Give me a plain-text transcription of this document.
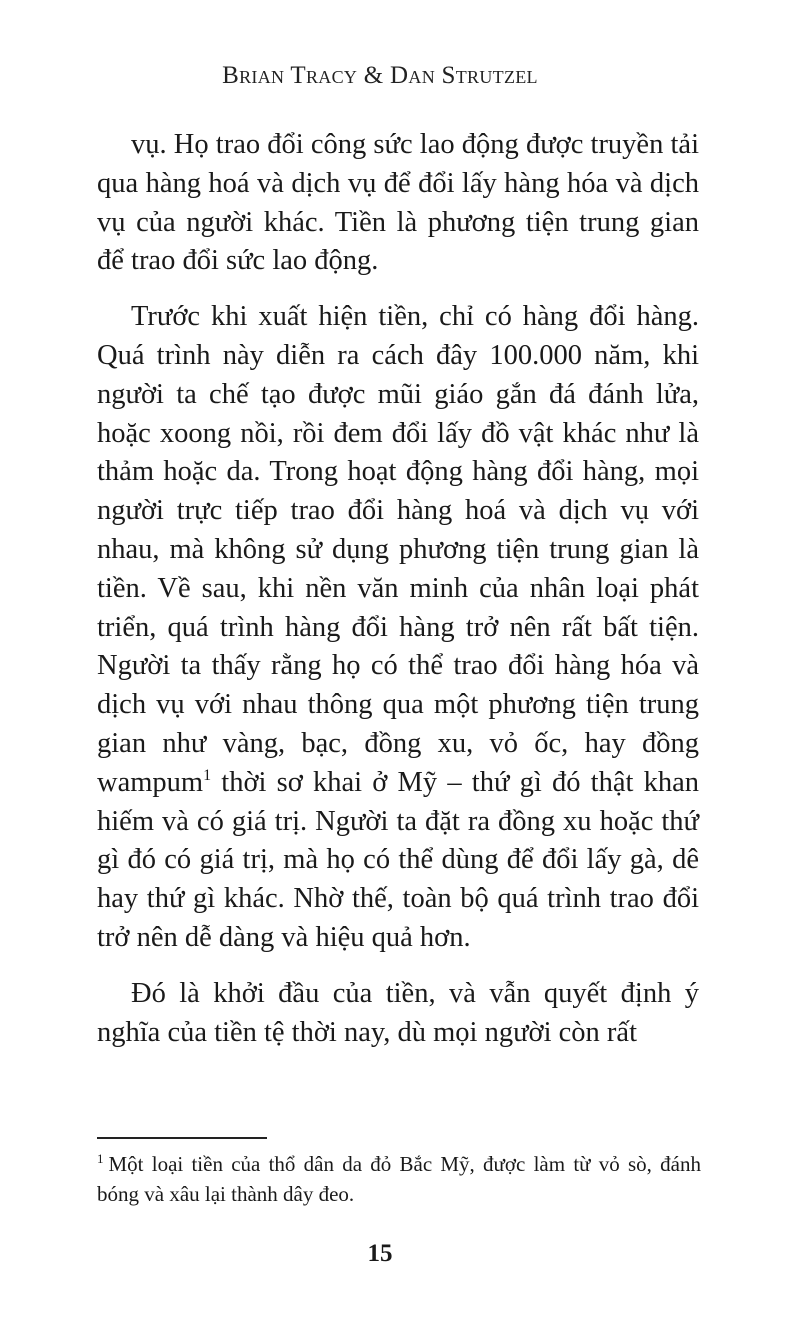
Brian Tracy & Dan Strutzel

vụ. Họ trao đổi công sức lao động được truyền tải qua hàng hoá và dịch vụ để đổi lấy hàng hóa và dịch vụ của người khác. Tiền là phương tiện trung gian để trao đổi sức lao động.

Trước khi xuất hiện tiền, chỉ có hàng đổi hàng. Quá trình này diễn ra cách đây 100.000 năm, khi người ta chế tạo được mũi giáo gắn đá đánh lửa, hoặc xoong nồi, rồi đem đổi lấy đồ vật khác như là thảm hoặc da. Trong hoạt động hàng đổi hàng, mọi người trực tiếp trao đổi hàng hoá và dịch vụ với nhau, mà không sử dụng phương tiện trung gian là tiền. Về sau, khi nền văn minh của nhân loại phát triển, quá trình hàng đổi hàng trở nên rất bất tiện. Người ta thấy rằng họ có thể trao đổi hàng hóa và dịch vụ với nhau thông qua một phương tiện trung gian như vàng, bạc, đồng xu, vỏ ốc, hay đồng wampum$^1$ thời sơ khai ở Mỹ – thứ gì đó thật khan hiếm và có giá trị. Người ta đặt ra đồng xu hoặc thứ gì đó có giá trị, mà họ có thể dùng để đổi lấy gà, dê hay thứ gì khác. Nhờ thế, toàn bộ quá trình trao đổi trở nên dễ dàng và hiệu quả hơn.

Đó là khởi đầu của tiền, và vẫn quyết định ý nghĩa của tiền tệ thời nay, dù mọi người còn rất

$^1$ Một loại tiền của thổ dân da đỏ Bắc Mỹ, được làm từ vỏ sò, đánh bóng và xâu lại thành dây đeo.
15
